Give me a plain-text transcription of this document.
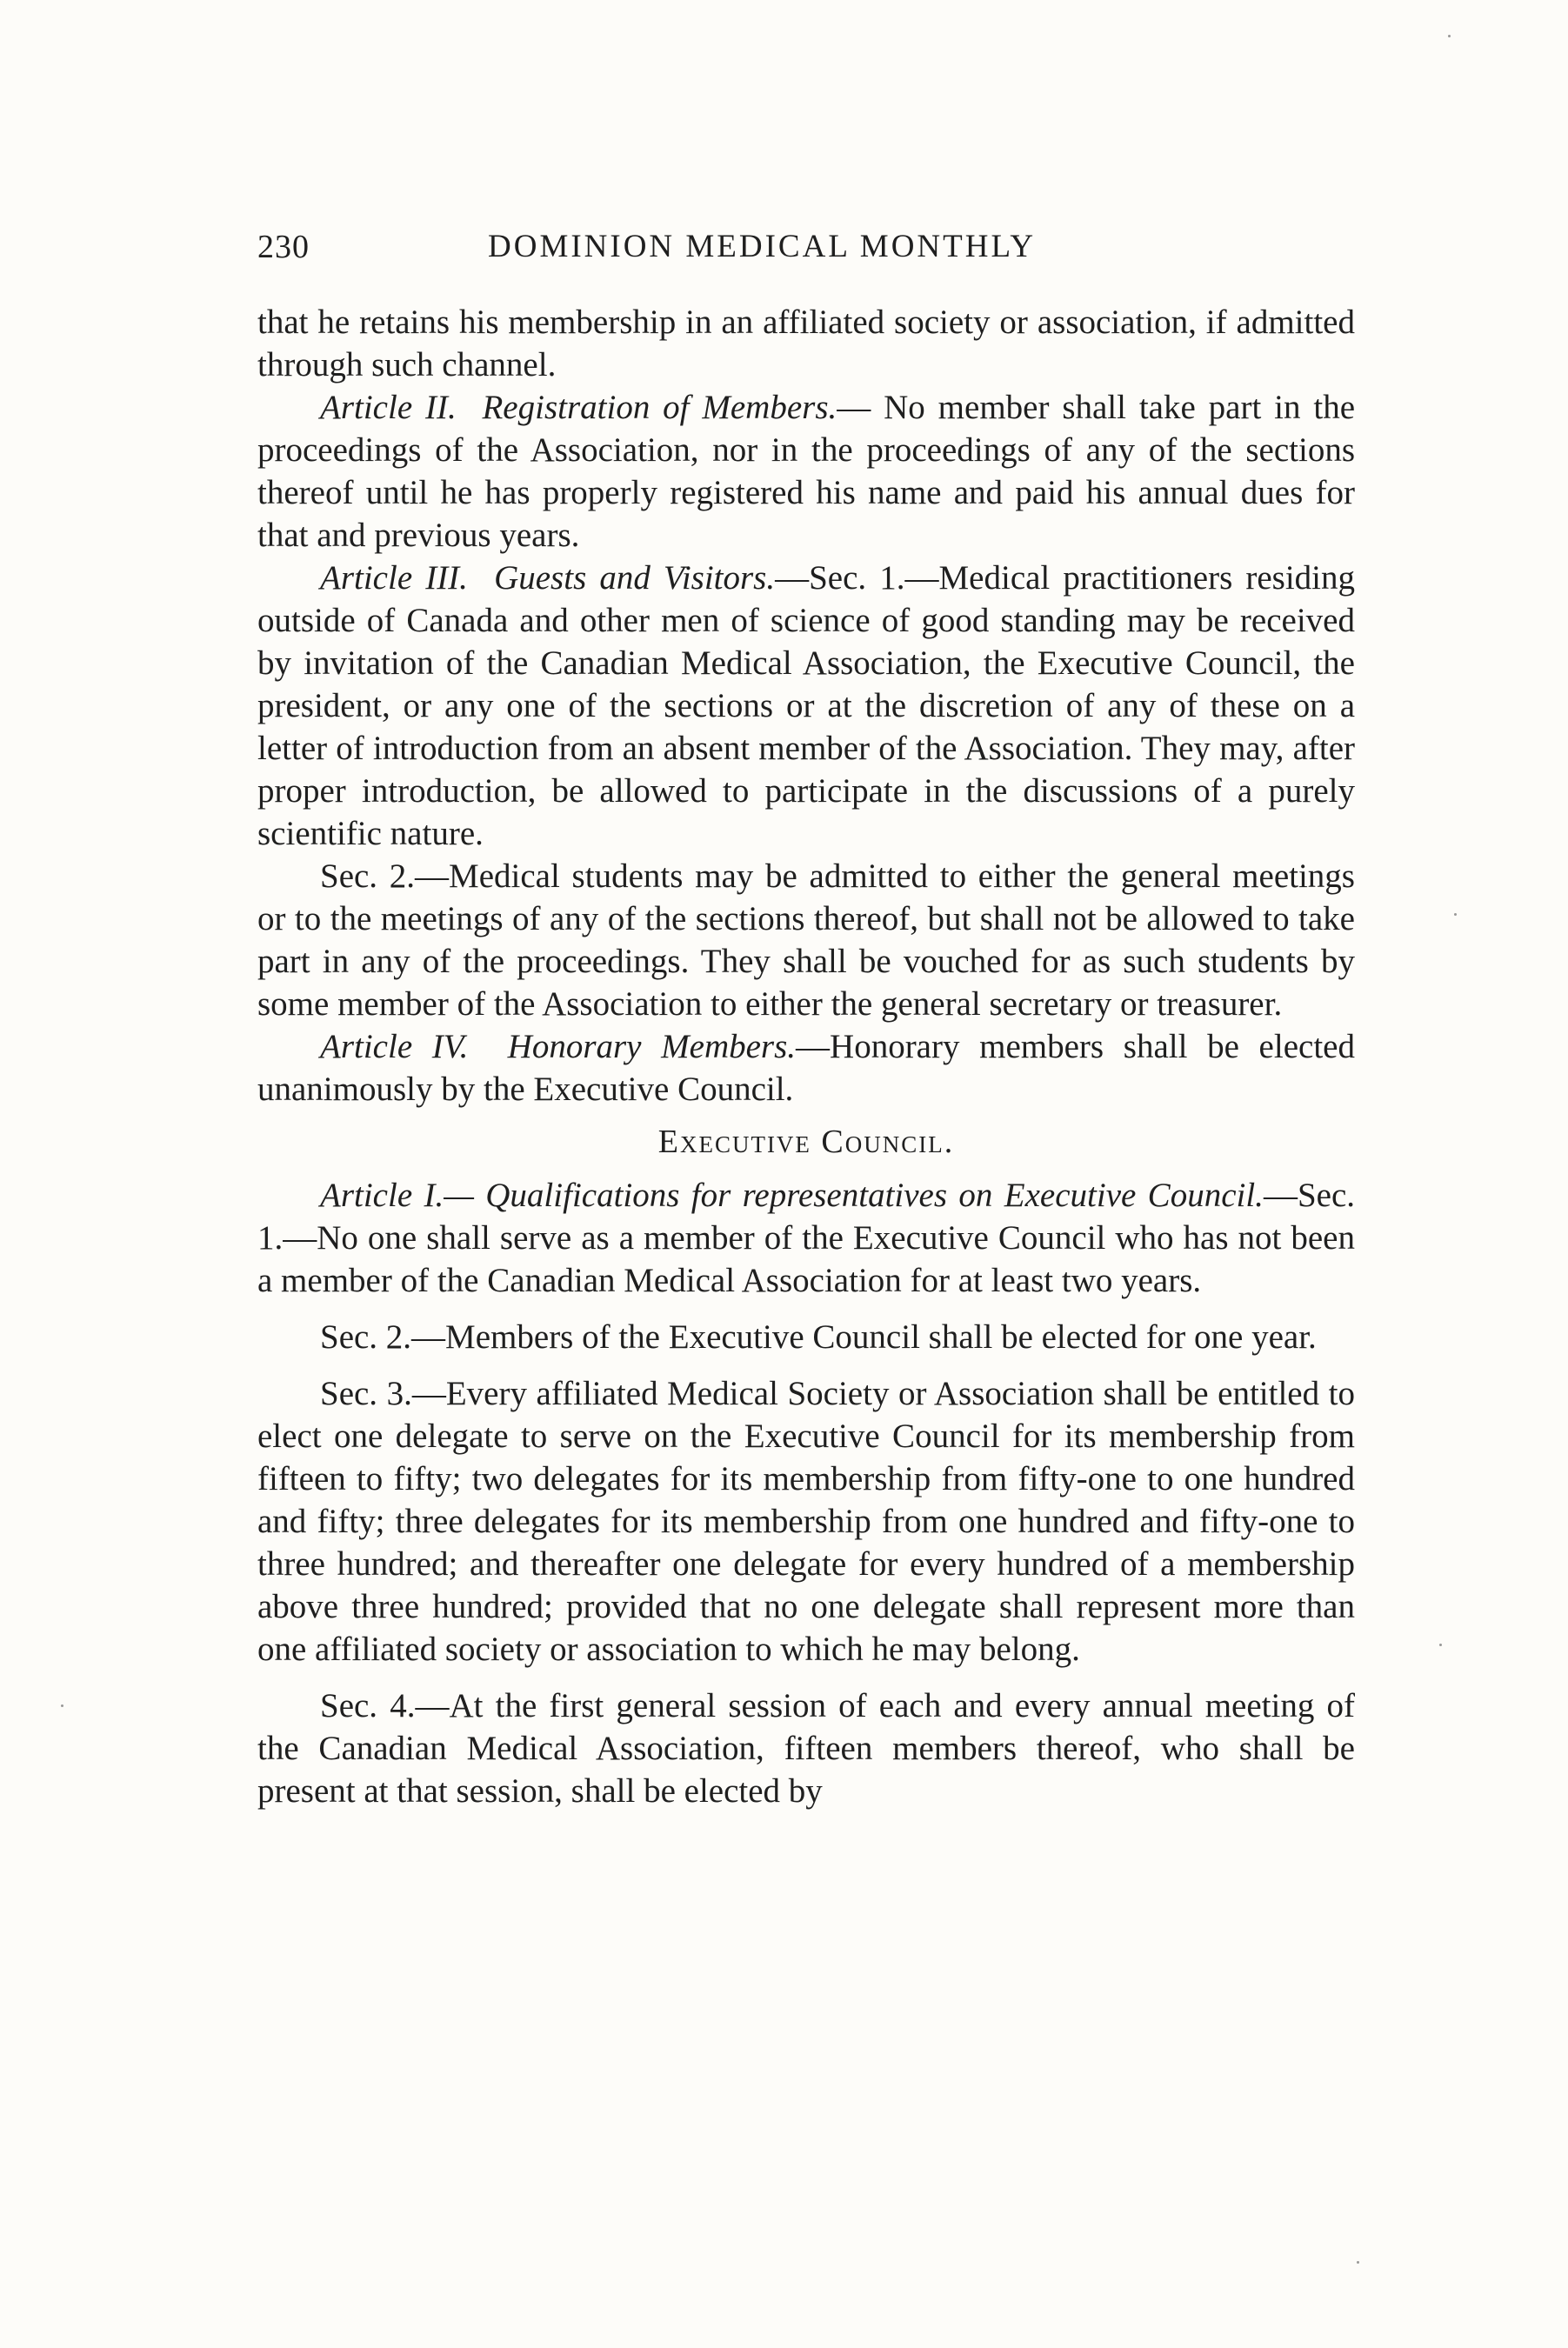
230	DOMINION MEDICAL MONTHLY

that he retains his membership in an affiliated society or association, if admitted through such channel.

Article II. Registration of Members.— No member shall take part in the proceedings of the Association, nor in the proceedings of any of the sections thereof until he has properly registered his name and paid his annual dues for that and previous years.

Article III. Guests and Visitors.—Sec. 1.—Medical practitioners residing outside of Canada and other men of science of good standing may be received by invitation of the Canadian Medical Association, the Executive Council, the president, or any one of the sections or at the discretion of any of these on a letter of introduction from an absent member of the Association. They may, after proper introduction, be allowed to participate in the discussions of a purely scientific nature.

Sec. 2.—Medical students may be admitted to either the general meetings or to the meetings of any of the sections thereof, but shall not be allowed to take part in any of the proceedings. They shall be vouched for as such students by some member of the Association to either the general secretary or treasurer.

Article IV. Honorary Members.—Honorary members shall be elected unanimously by the Executive Council.

Executive Council.

Article I.— Qualifications for representatives on Executive Council.—Sec. 1.—No one shall serve as a member of the Executive Council who has not been a member of the Canadian Medical Association for at least two years.

Sec. 2.—Members of the Executive Council shall be elected for one year.

Sec. 3.—Every affiliated Medical Society or Association shall be entitled to elect one delegate to serve on the Executive Council for its membership from fifteen to fifty; two delegates for its membership from fifty-one to one hundred and fifty; three delegates for its membership from one hundred and fifty-one to three hundred; and thereafter one delegate for every hundred of a membership above three hundred; provided that no one delegate shall represent more than one affiliated society or association to which he may belong.

Sec. 4.—At the first general session of each and every annual meeting of the Canadian Medical Association, fifteen members thereof, who shall be present at that session, shall be elected by
